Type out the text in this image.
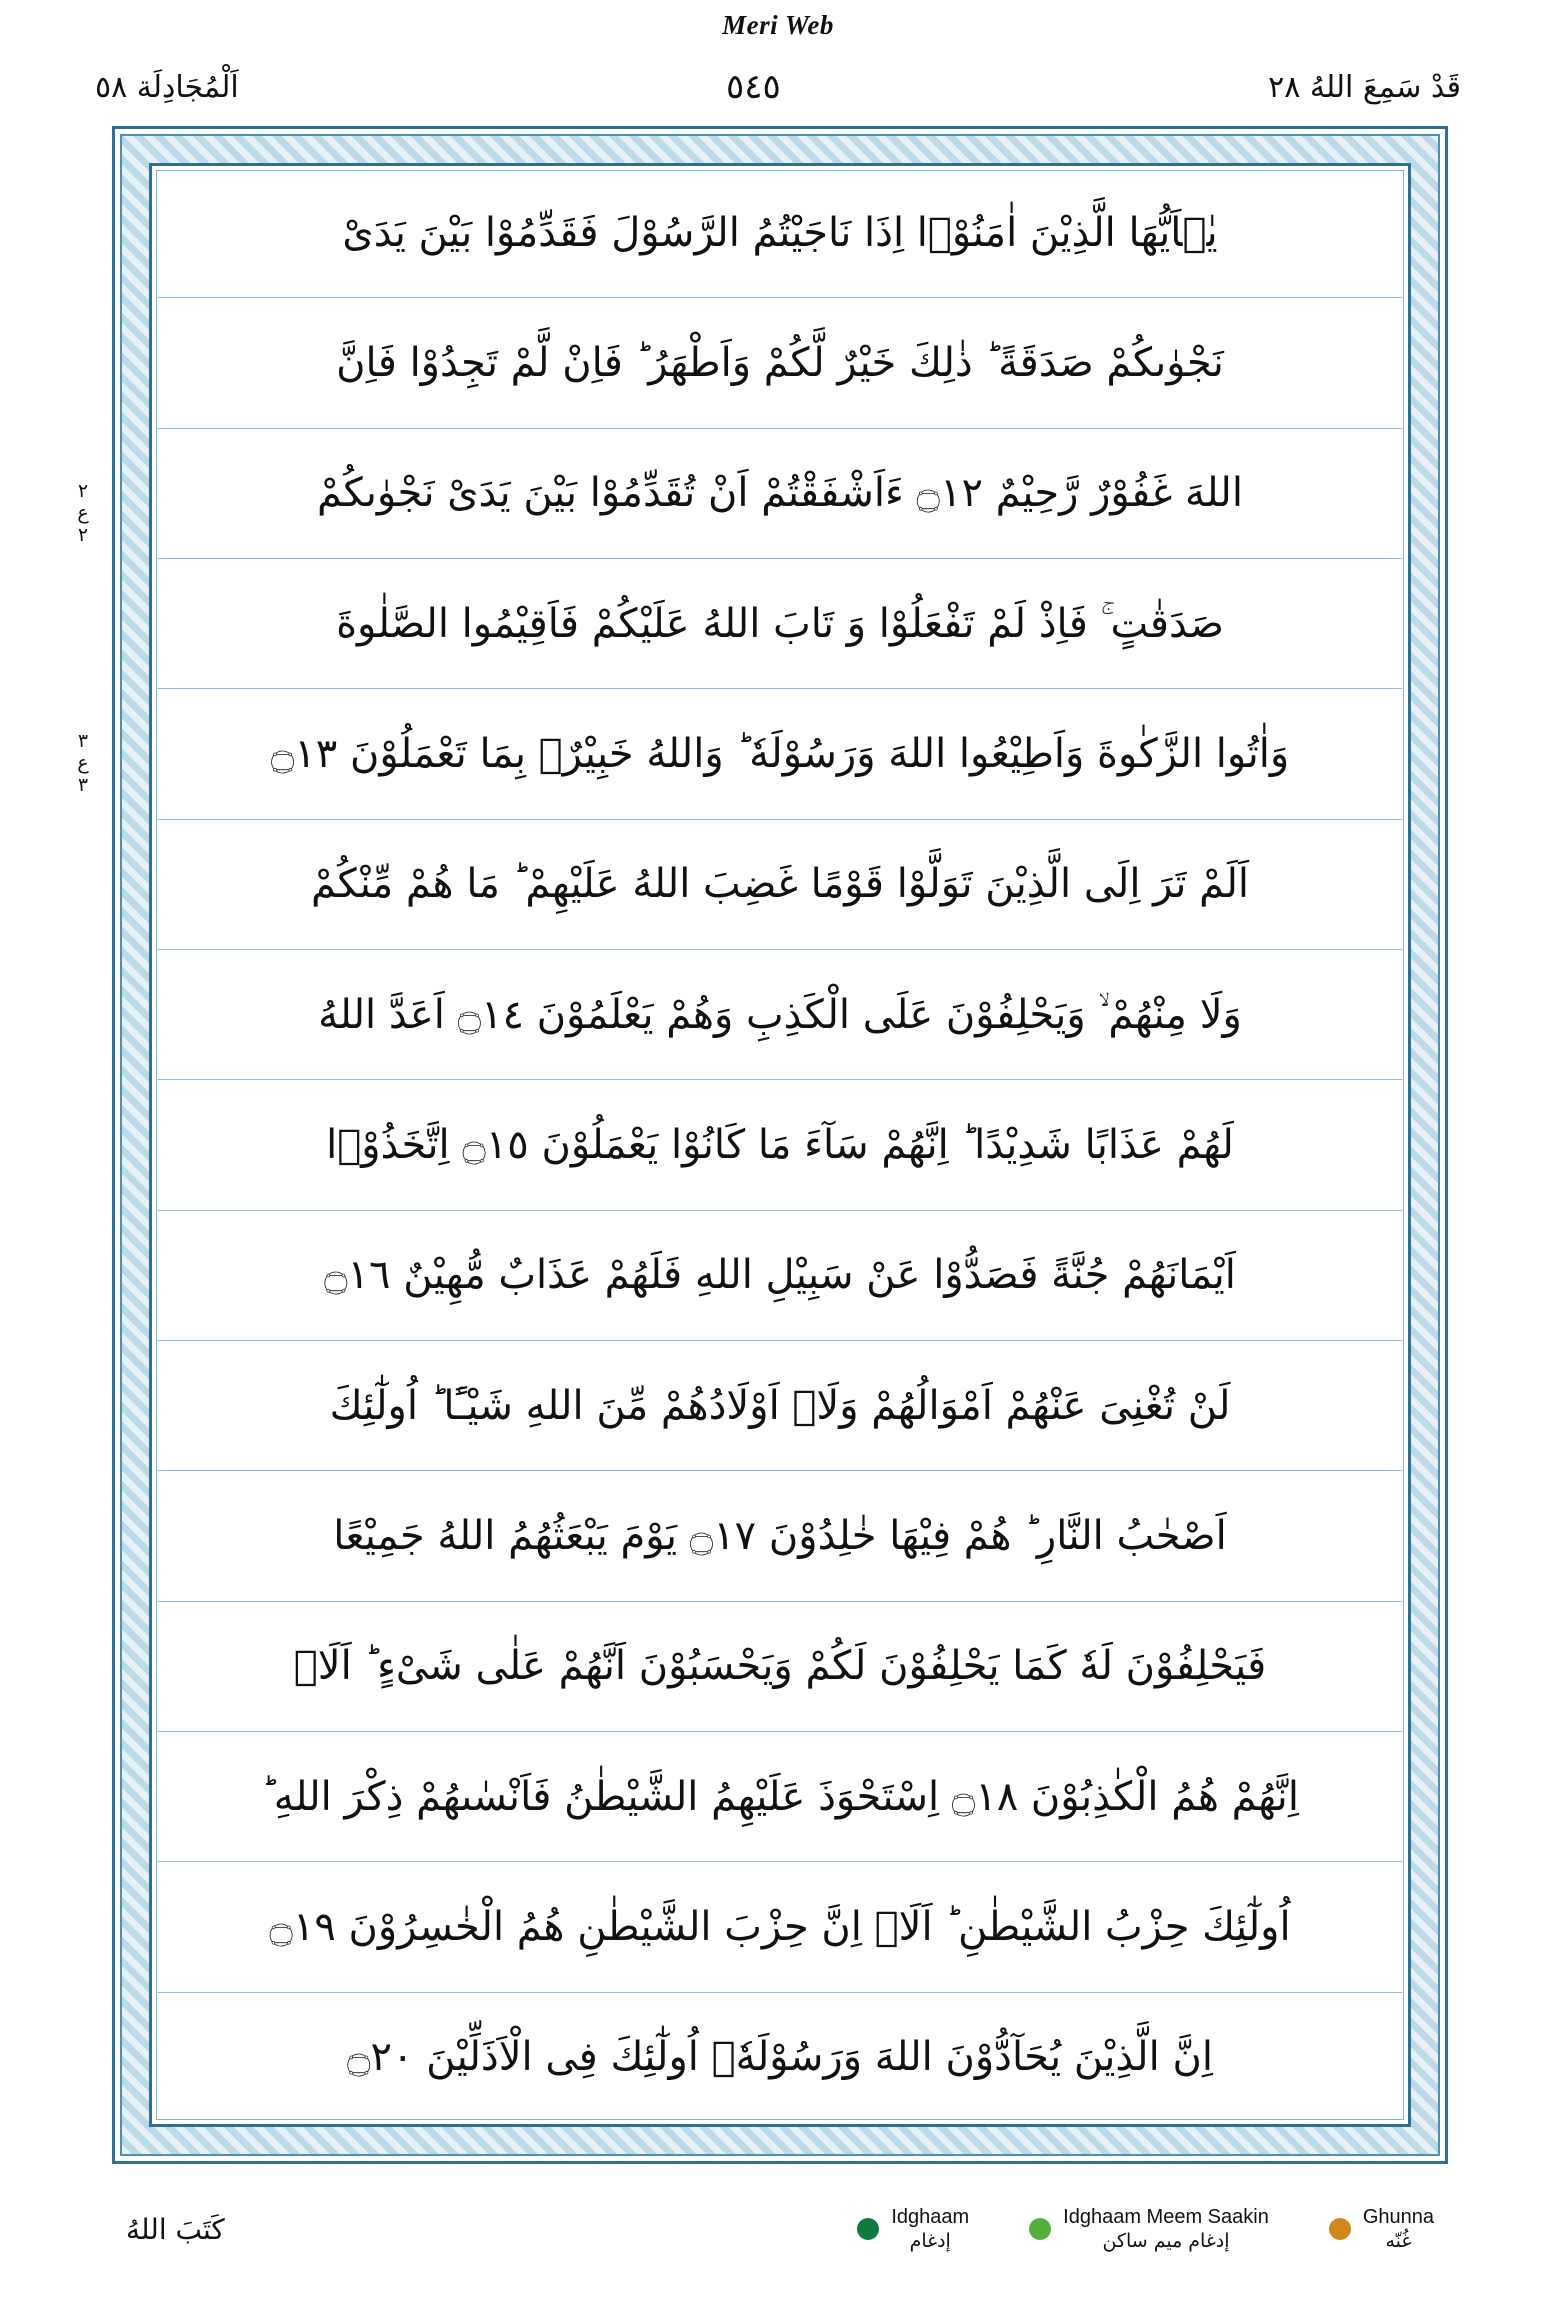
Meri Web
قَدْ سَمِعَ اللهُ ٢٨
٥٤٥
اَلْمُجَادِلَة ٥٨
٢
ع
٢
٣
ع
٣
يٰۤاَيُّهَا الَّذِيْنَ اٰمَنُوْۤا اِذَا نَاجَيْتُمُ الرَّسُوْلَ فَقَدِّمُوْا بَيْنَ يَدَىْ
نَجْوٰىكُمْ صَدَقَةً ؕ ذٰلِكَ خَيْرٌ لَّكُمْ وَاَطْهَرُ ؕ فَاِنْ لَّمْ تَجِدُوْا فَاِنَّ
اللهَ غَفُوْرٌ رَّحِيْمٌ ۝١٢ ءَاَشْفَقْتُمْ اَنْ تُقَدِّمُوْا بَيْنَ يَدَىْ نَجْوٰىكُمْ
صَدَقٰتٍ ۚ فَاِذْ لَمْ تَفْعَلُوْا وَ تَابَ اللهُ عَلَيْكُمْ فَاَقِيْمُوا الصَّلٰوةَ
وَاٰتُوا الزَّكٰوةَ وَاَطِيْعُوا اللهَ وَرَسُوْلَهٗ ؕ وَاللهُ خَبِيْرٌۢ بِمَا تَعْمَلُوْنَ ۝١٣
اَلَمْ تَرَ اِلَى الَّذِيْنَ تَوَلَّوْا قَوْمًا غَضِبَ اللهُ عَلَيْهِمْ ؕ مَا هُمْ مِّنْكُمْ
وَلَا مِنْهُمْ ۙ وَيَحْلِفُوْنَ عَلَى الْكَذِبِ وَهُمْ يَعْلَمُوْنَ ۝١٤ اَعَدَّ اللهُ
لَهُمْ عَذَابًا شَدِيْدًا ؕ اِنَّهُمْ سَآءَ مَا كَانُوْا يَعْمَلُوْنَ ۝١٥ اِتَّخَذُوْۤا
اَيْمَانَهُمْ جُنَّةً فَصَدُّوْا عَنْ سَبِيْلِ اللهِ فَلَهُمْ عَذَابٌ مُّهِيْنٌ ۝١٦
لَنْ تُغْنِىَ عَنْهُمْ اَمْوَالُهُمْ وَلَاۤ اَوْلَادُهُمْ مِّنَ اللهِ شَيْـًٔا ؕ اُولٰٓئِكَ
اَصْحٰبُ النَّارِ ؕ هُمْ فِيْهَا خٰلِدُوْنَ ۝١٧ يَوْمَ يَبْعَثُهُمُ اللهُ جَمِيْعًا
فَيَحْلِفُوْنَ لَهٗ كَمَا يَحْلِفُوْنَ لَكُمْ وَيَحْسَبُوْنَ اَنَّهُمْ عَلٰى شَىْءٍ ؕ اَلَاۤ
اِنَّهُمْ هُمُ الْكٰذِبُوْنَ ۝١٨ اِسْتَحْوَذَ عَلَيْهِمُ الشَّيْطٰنُ فَاَنْسٰىهُمْ ذِكْرَ اللهِ ؕ
اُولٰٓئِكَ حِزْبُ الشَّيْطٰنِ ؕ اَلَاۤ اِنَّ حِزْبَ الشَّيْطٰنِ هُمُ الْخٰسِرُوْنَ ۝١٩
اِنَّ الَّذِيْنَ يُحَآدُّوْنَ اللهَ وَرَسُوْلَهٗۤ اُولٰٓئِكَ فِى الْاَذَلِّيْنَ ۝٢٠
كَتَبَ اللهُ	Idghaam
إدغام
Idghaam Meem Saakin
إدغام ميم ساكن
Ghunna
غُنّه
